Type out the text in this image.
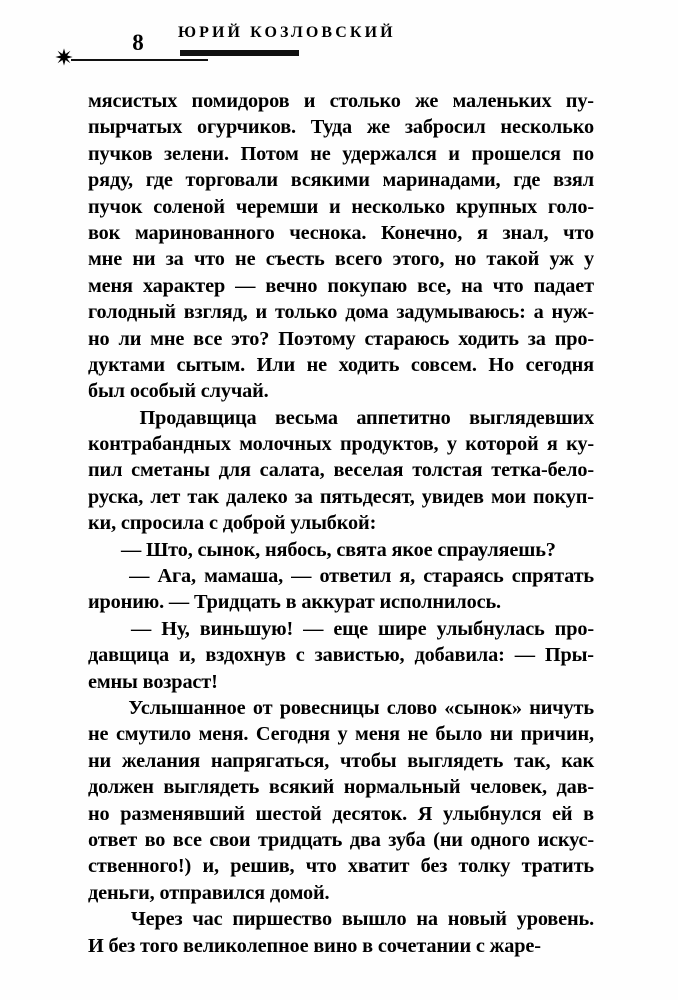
8	ЮРИЙ КОЗЛОВСКИЙ

мясистых помидоров и столько же маленьких пу-
пырчатых огурчиков. Туда же забросил несколько
пучков зелени. Потом не удержался и прошелся по
ряду, где торговали всякими маринадами, где взял
пучок соленой черемши и несколько крупных голо-
вок маринованного чеснока. Конечно, я знал, что
мне ни за что не съесть всего этого, но такой уж у
меня характер — вечно покупаю все, на что падает
голодный взгляд, и только дома задумываюсь: а нуж-
но ли мне все это? Поэтому стараюсь ходить за про-
дуктами сытым. Или не ходить совсем. Но сегодня
был особый случай.

Продавщица весьма аппетитно выглядевших
контрабандных молочных продуктов, у которой я ку-
пил сметаны для салата, веселая толстая тетка-бело-
руска, лет так далеко за пятьдесят, увидев мои покуп-
ки, спросила с доброй улыбкой:

— Што, сынок, нябось, свята якое спрауляешь?

— Ага, мамаша, — ответил я, стараясь спрятать
иронию. — Тридцать в аккурат исполнилось.

— Ну, виньшую! — еще шире улыбнулась про-
давщица и, вздохнув с завистью, добавила: — Пры-
емны возраст!

Услышанное от ровесницы слово «сынок» ничуть
не смутило меня. Сегодня у меня не было ни причин,
ни желания напрягаться, чтобы выглядеть так, как
должен выглядеть всякий нормальный человек, дав-
но разменявший шестой десяток. Я улыбнулся ей в
ответ во все свои тридцать два зуба (ни одного искус-
ственного!) и, решив, что хватит без толку тратить
деньги, отправился домой.

Через час пиршество вышло на новый уровень.
И без того великолепное вино в сочетании с жаре-
